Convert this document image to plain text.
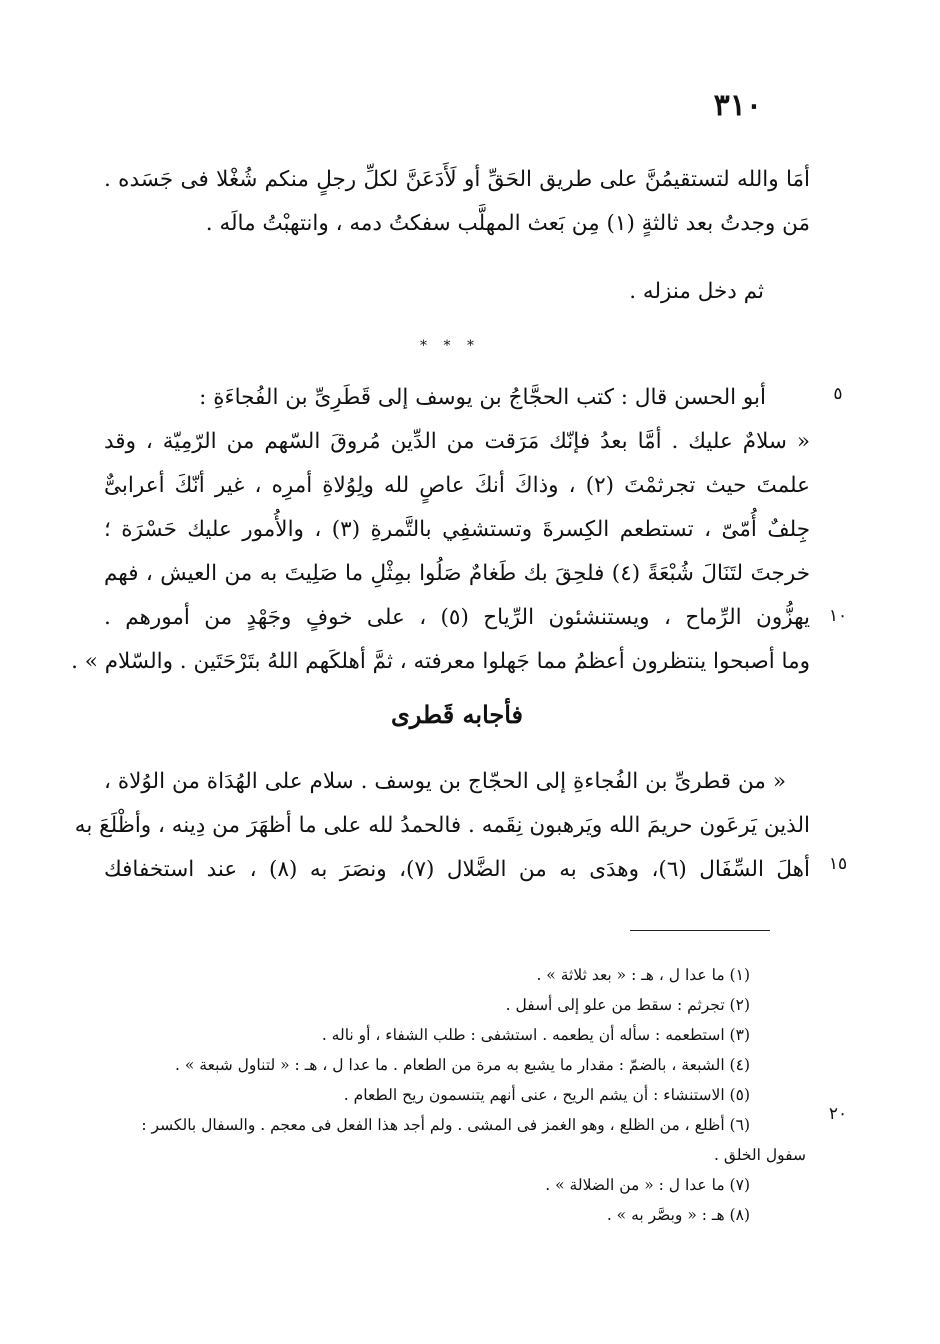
٣١٠
أمَا والله لتستقيمُنَّ على طريق الحَقِّ أو لَأَدَعَنَّ لكلِّ رجلٍ منكم شُغْلا فى جَسَده .
مَن وجدتُ بعد ثالثةٍ (١) مِن بَعث المهلَّب سفكتُ دمه ، وانتهبْتُ مالَه .
ثم دخل منزله .
* * *
أبو الحسن قال : كتب الحجَّاجُ بن يوسف إلى قَطَرِىِّ بن الفُجاءَةِ :
« سلامٌ عليك . أمَّا بعدُ فإنّك مَرَقت من الدِّين مُروقَ السّهم من الرّمِيّة ، وقد
علمتَ حيث تجرثمْتَ (٢) ، وذاكَ أنكَ عاصٍ لله ولِوُلاةِ أمرِه ، غير أنّكَ أعرابىٌّ
جِلفٌ أُمّىّ ، تستطعم الكِسرةَ وتستشفِي بالتَّمرةِ (٣) ، والأُمور عليك حَسْرَة ؛
خرجتَ لتَنَالَ شُبْعَةً (٤) فلحِقَ بك طَغامٌ صَلُوا بمِثْلِ ما صَلِيتَ به من العيش ، فهم
يهزُّون الرِّماح ، ويستنشئون الرِّياح (٥) ، على خوفٍ وجَهْدٍ من أمورهم .
وما أصبحوا ينتظرون أعظمُ مما جَهلوا معرفته ، ثمَّ أهلكَهم اللهُ بتَرْحَتَين . والسّلام » .
فأجابه قَطرى
« من قطرىِّ بن الفُجاءةِ إلى الحجّاج بن يوسف . سلام على الهُدَاة من الوُلاة ،
الذين يَرعَون حريمَ الله ويَرهبون نِقَمه . فالحمدُ لله على ما أظهَرَ من دِينه ، وأظْلَعَ به
أهلَ السِّفَال (٦)، وهدَى به من الضَّلال (٧)، ونصَرَ به (٨) ، عند استخفافك
٥
١٠
١٥
٢٠
(١) ما عدا ل ، هـ : « بعد ثلاثة » .
(٢) تجرثم : سقط من علو إلى أسفل .
(٣) استطعمه : سأله أن يطعمه . استشفى : طلب الشفاء ، أو ناله .
(٤) الشبعة ، بالضمّ : مقدار ما يشبع به مرة من الطعام . ما عدا ل ، هـ : « لتناول شبعة » .
(٥) الاستنشاء : أن يشم الريح ، عنى أنهم يتنسمون ريح الطعام .
(٦) أظلع ، من الظلع ، وهو الغمز فى المشى . ولم أجد هذا الفعل فى معجم . والسفال بالكسر :
سفول الخلق .
(٧) ما عدا ل : « من الضلالة » .
(٨) هـ : « وبصَّر به » .
